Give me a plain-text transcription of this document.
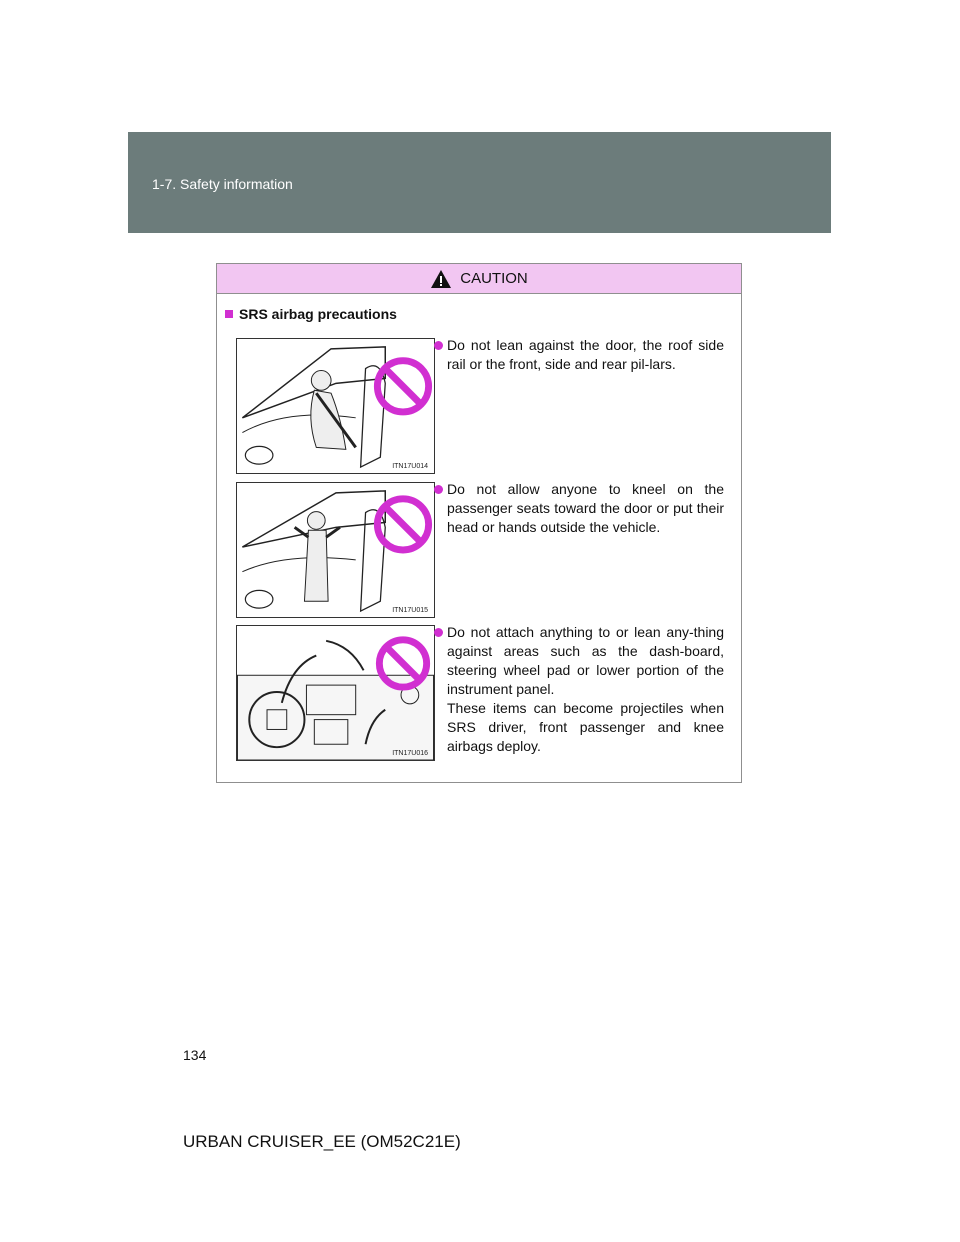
1-7. Safety information
CAUTION
SRS airbag precautions
ITN17U014

Do not lean against the door, the roof side rail or the front, side and rear pil-lars.

ITN17U015

Do not allow anyone to kneel on the passenger seats toward the door or put their head or hands outside the vehicle.

ITN17U016

Do not attach anything to or lean any-thing against areas such as the dash-board, steering wheel pad or lower portion of the instrument panel.

These items can become projectiles when SRS driver, front passenger and knee airbags deploy.

134
URBAN CRUISER_EE (OM52C21E)
